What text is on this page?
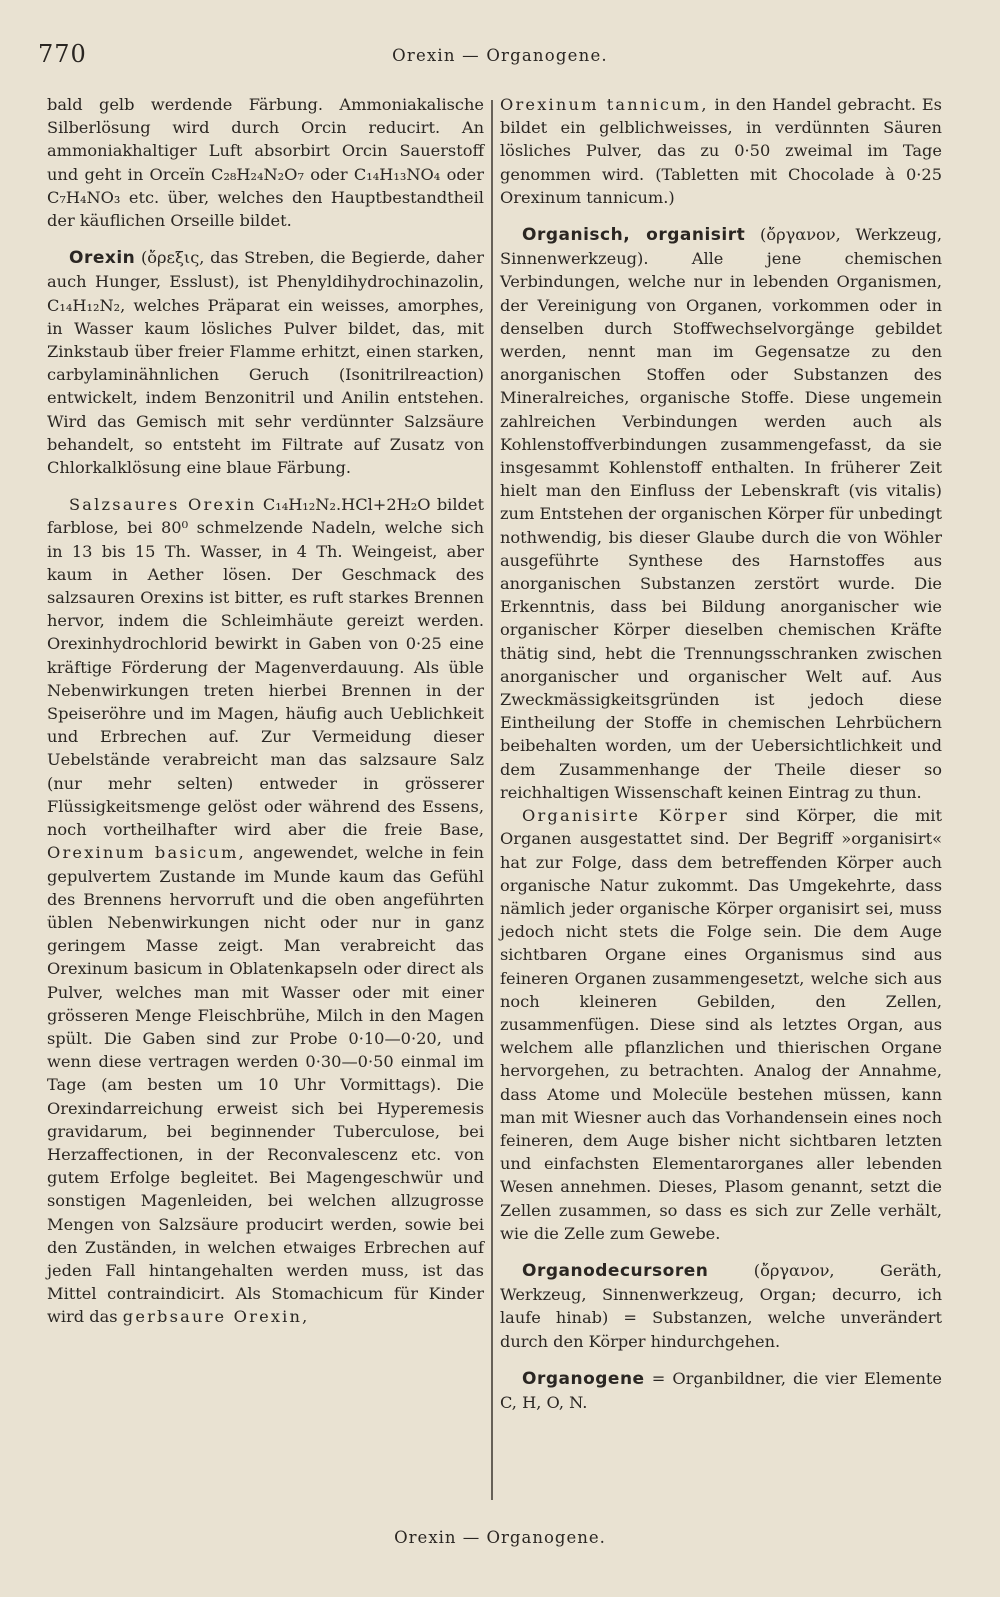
770	Orexin — Organogene.

bald gelb werdende Färbung. Ammoniakalische Silberlösung wird durch Orcin reducirt. An ammoniakhaltiger Luft absorbirt Orcin Sauerstoff und geht in Orceïn C₂₈H₂₄N₂O₇ oder C₁₄H₁₃NO₄ oder C₇H₄NO₃ etc. über, welches den Hauptbestandtheil der käuflichen Orseille bildet.

Orexin (ὄρεξις, das Streben, die Begierde, daher auch Hunger, Esslust), ist Phenyldihydrochinazolin, C₁₄H₁₂N₂, welches Präparat ein weisses, amorphes, in Wasser kaum lösliches Pulver bildet, das, mit Zinkstaub über freier Flamme erhitzt, einen starken, carbylaminähnlichen Geruch (Isonitrilreaction) entwickelt, indem Benzonitril und Anilin entstehen. Wird das Gemisch mit sehr verdünnter Salzsäure behandelt, so entsteht im Filtrate auf Zusatz von Chlorkalklösung eine blaue Färbung.

Salzsaures Orexin C₁₄H₁₂N₂.HCl+2H₂O bildet farblose, bei 80⁰ schmelzende Nadeln, welche sich in 13 bis 15 Th. Wasser, in 4 Th. Weingeist, aber kaum in Aether lösen. Der Geschmack des salzsauren Orexins ist bitter, es ruft starkes Brennen hervor, indem die Schleimhäute gereizt werden. Orexinhydrochlorid bewirkt in Gaben von 0·25 eine kräftige Förderung der Magenverdauung. Als üble Nebenwirkungen treten hierbei Brennen in der Speiseröhre und im Magen, häufig auch Ueblichkeit und Erbrechen auf. Zur Vermeidung dieser Uebelstände verabreicht man das salzsaure Salz (nur mehr selten) entweder in grösserer Flüssigkeitsmenge gelöst oder während des Essens, noch vortheilhafter wird aber die freie Base, Orexinum basicum, angewendet, welche in fein gepulvertem Zustande im Munde kaum das Gefühl des Brennens hervorruft und die oben angeführten üblen Nebenwirkungen nicht oder nur in ganz geringem Masse zeigt. Man verabreicht das Orexinum basicum in Oblatenkapseln oder direct als Pulver, welches man mit Wasser oder mit einer grösseren Menge Fleischbrühe, Milch in den Magen spült. Die Gaben sind zur Probe 0·10—0·20, und wenn diese vertragen werden 0·30—0·50 einmal im Tage (am besten um 10 Uhr Vormittags). Die Orexindarreichung erweist sich bei Hyperemesis gravidarum, bei beginnender Tuberculose, bei Herzaffectionen, in der Reconvalescenz etc. von gutem Erfolge begleitet. Bei Magengeschwür und sonstigen Magenleiden, bei welchen allzugrosse Mengen von Salzsäure producirt werden, sowie bei den Zuständen, in welchen etwaiges Erbrechen auf jeden Fall hintangehalten werden muss, ist das Mittel contraindicirt. Als Stomachicum für Kinder wird das gerbsaure Orexin,

Orexinum tannicum, in den Handel gebracht. Es bildet ein gelblichweisses, in verdünnten Säuren lösliches Pulver, das zu 0·50 zweimal im Tage genommen wird. (Tabletten mit Chocolade à 0·25 Orexinum tannicum.)

Organisch, organisirt (ὄργανον, Werkzeug, Sinnenwerkzeug). Alle jene chemischen Verbindungen, welche nur in lebenden Organismen, der Vereinigung von Organen, vorkommen oder in denselben durch Stoffwechselvorgänge gebildet werden, nennt man im Gegensatze zu den anorganischen Stoffen oder Substanzen des Mineralreiches, organische Stoffe. Diese ungemein zahlreichen Verbindungen werden auch als Kohlenstoffverbindungen zusammengefasst, da sie insgesammt Kohlenstoff enthalten. In früherer Zeit hielt man den Einfluss der Lebenskraft (vis vitalis) zum Entstehen der organischen Körper für unbedingt nothwendig, bis dieser Glaube durch die von Wöhler ausgeführte Synthese des Harnstoffes aus anorganischen Substanzen zerstört wurde. Die Erkenntnis, dass bei Bildung anorganischer wie organischer Körper dieselben chemischen Kräfte thätig sind, hebt die Trennungsschranken zwischen anorganischer und organischer Welt auf. Aus Zweckmässigkeitsgründen ist jedoch diese Eintheilung der Stoffe in chemischen Lehrbüchern beibehalten worden, um der Uebersichtlichkeit und dem Zusammenhange der Theile dieser so reichhaltigen Wissenschaft keinen Eintrag zu thun.

Organisirte Körper sind Körper, die mit Organen ausgestattet sind. Der Begriff »organisirt« hat zur Folge, dass dem betreffenden Körper auch organische Natur zukommt. Das Umgekehrte, dass nämlich jeder organische Körper organisirt sei, muss jedoch nicht stets die Folge sein. Die dem Auge sichtbaren Organe eines Organismus sind aus feineren Organen zusammengesetzt, welche sich aus noch kleineren Gebilden, den Zellen, zusammenfügen. Diese sind als letztes Organ, aus welchem alle pflanzlichen und thierischen Organe hervorgehen, zu betrachten. Analog der Annahme, dass Atome und Molecüle bestehen müssen, kann man mit Wiesner auch das Vorhandensein eines noch feineren, dem Auge bisher nicht sichtbaren letzten und einfachsten Elementarorganes aller lebenden Wesen annehmen. Dieses, Plasom genannt, setzt die Zellen zusammen, so dass es sich zur Zelle verhält, wie die Zelle zum Gewebe.

Organodecursoren	(ὄργανον, Geräth, Werkzeug, Sinnenwerkzeug, Organ; decurro, ich laufe hinab) = Substanzen, welche unverändert durch den Körper hindurchgehen.

Organogene = Organbildner, die vier Elemente C, H, O, N.

Orexin — Organogene.
